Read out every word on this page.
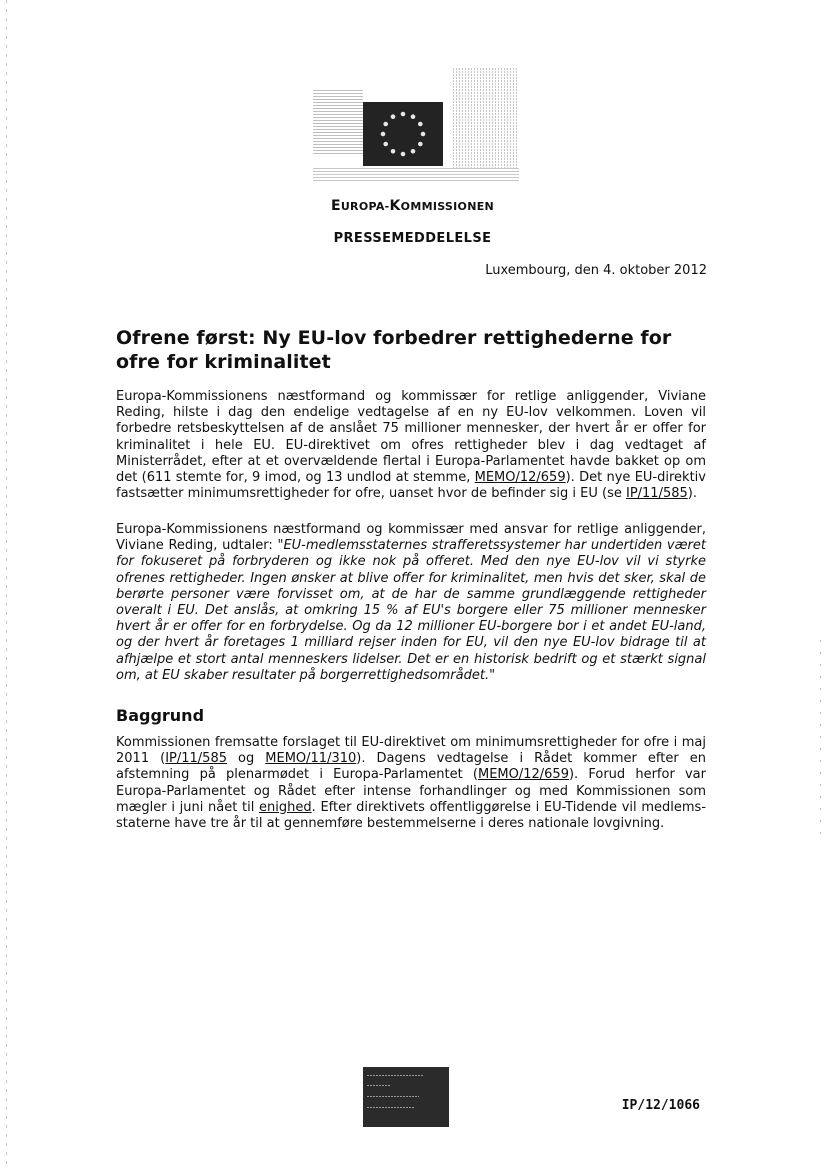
EUROPA-KOMMISSIONEN
PRESSEMEDDELELSE
Luxembourg, den 4. oktober 2012
Ofrene først: Ny EU-lov forbedrer rettighederne for ofre for kriminalitet

Europa-Kommissionens næstformand og kommissær for retlige anliggender, Viviane Reding, hilste i dag den endelige vedtagelse af en ny EU-lov velkommen. Loven vil forbedre retsbeskyttelsen af de anslået 75 millioner mennesker, der hvert år er offer for kriminalitet i hele EU. EU-direktivet om ofres rettigheder blev i dag vedtaget af Ministerrådet, efter at et overvældende flertal i Europa-Parlamentet havde bakket op om det (611 stemte for, 9 imod, og 13 undlod at stemme, MEMO/12/659). Det nye EU-direktiv fastsætter minimumsrettigheder for ofre, uanset hvor de befinder sig i EU (se IP/11/585).

Europa-Kommissionens næstformand og kommissær med ansvar for retlige anliggender, Viviane Reding, udtaler: "EU-medlemsstaternes strafferetssystemer har undertiden været for fokuseret på forbryderen og ikke nok på offeret. Med den nye EU-lov vil vi styrke ofrenes rettigheder. Ingen ønsker at blive offer for kriminalitet, men hvis det sker, skal de berørte personer være forvisset om, at de har de samme grundlæggende rettigheder overalt i EU. Det anslås, at omkring 15 % af EU's borgere eller 75 millioner mennesker hvert år er offer for en forbrydelse. Og da 12 millioner EU-borgere bor i et andet EU-land, og der hvert år foretages 1 milliard rejser inden for EU, vil den nye EU-lov bidrage til at afhjælpe et stort antal menneskers lidelser. Det er en historisk bedrift og et stærkt signal om, at EU skaber resultater på borgerrettighedsområdet."

Baggrund

Kommissionen fremsatte forslaget til EU-direktivet om minimumsrettigheder for ofre i maj 2011 (IP/11/585 og MEMO/11/310). Dagens vedtagelse i Rådet kommer efter en afstemning på plenarmødet i Europa-Parlamentet (MEMO/12/659). Forud herfor var Europa-Parlamentet og Rådet efter intense forhandlinger og med Kommissionen som mægler i juni nået til enighed. Efter direktivets offentliggørelse i EU-Tidende vil medlems-staterne have tre år til at gennemføre bestemmelserne i deres nationale lovgivning.

IP/12/1066
